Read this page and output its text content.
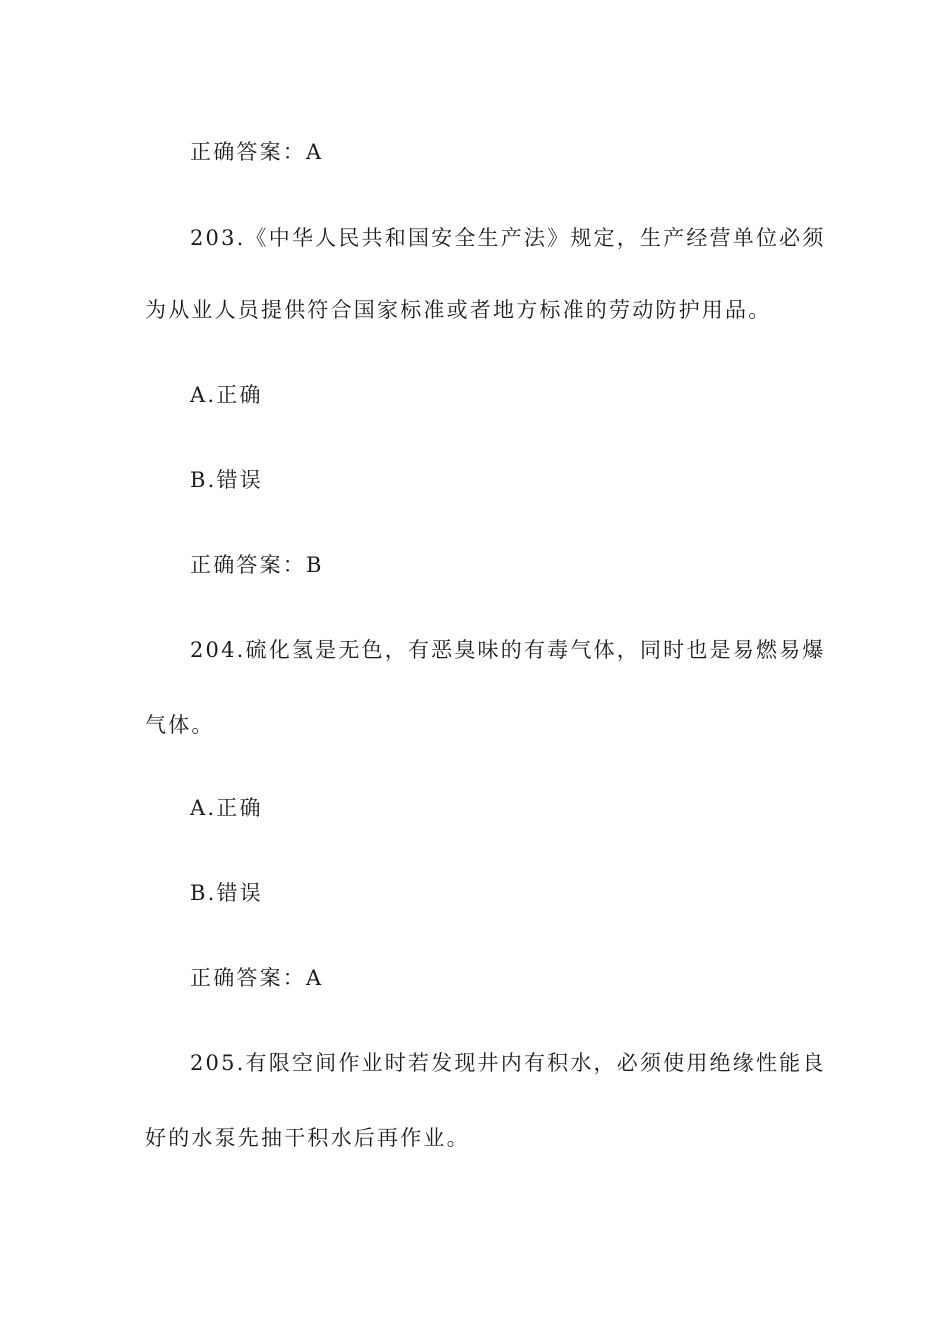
正确答案：A
203.《中华人民共和国安全生产法》规定，生产经营单位必须
为从业人员提供符合国家标准或者地方标准的劳动防护用品。
A.正确
B.错误
正确答案：B
204.硫化氢是无色，有恶臭味的有毒气体，同时也是易燃易爆
气体。
A.正确
B.错误
正确答案：A
205.有限空间作业时若发现井内有积水，必须使用绝缘性能良
好的水泵先抽干积水后再作业。
